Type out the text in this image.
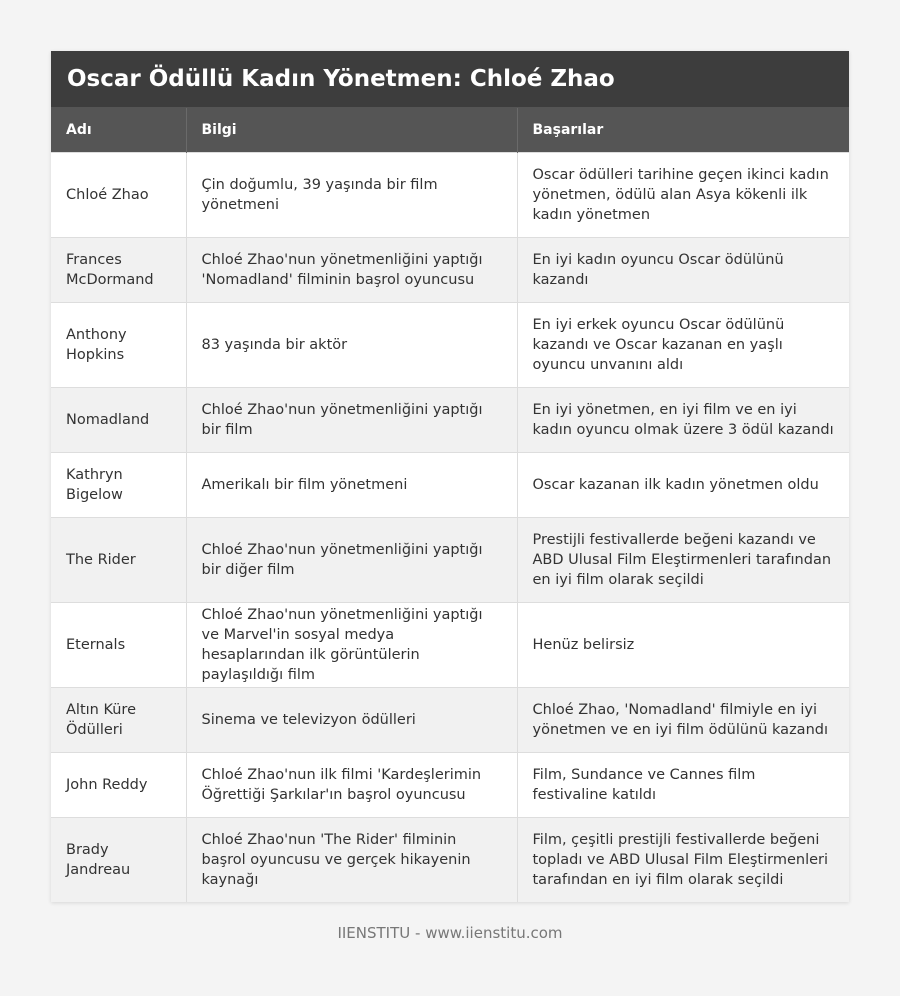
Oscar Ödüllü Kadın Yönetmen: Chloé Zhao
Adı	Bilgi	Başarılar
Chloé Zhao	Çin doğumlu, 39 yaşında bir film yönetmeni	Oscar ödülleri tarihine geçen ikinci kadın yönetmen, ödülü alan Asya kökenli ilk kadın yönetmen
Frances McDormand	Chloé Zhao'nun yönetmenliğini yaptığı 'Nomadland' filminin başrol oyuncusu	En iyi kadın oyuncu Oscar ödülünü kazandı
Anthony Hopkins	83 yaşında bir aktör	En iyi erkek oyuncu Oscar ödülünü kazandı ve Oscar kazanan en yaşlı oyuncu unvanını aldı
Nomadland	Chloé Zhao'nun yönetmenliğini yaptığı bir film	En iyi yönetmen, en iyi film ve en iyi kadın oyuncu olmak üzere 3 ödül kazandı
Kathryn Bigelow	Amerikalı bir film yönetmeni	Oscar kazanan ilk kadın yönetmen oldu
The Rider	Chloé Zhao'nun yönetmenliğini yaptığı bir diğer film	Prestijli festivallerde beğeni kazandı ve ABD Ulusal Film Eleştirmenleri tarafından en iyi film olarak seçildi
Eternals	Chloé Zhao'nun yönetmenliğini yaptığı ve Marvel'in sosyal medya hesaplarından ilk görüntülerin paylaşıldığı film	Henüz belirsiz
Altın Küre Ödülleri	Sinema ve televizyon ödülleri	Chloé Zhao, 'Nomadland' filmiyle en iyi yönetmen ve en iyi film ödülünü kazandı
John Reddy	Chloé Zhao'nun ilk filmi 'Kardeşlerimin Öğrettiği Şarkılar'ın başrol oyuncusu	Film, Sundance ve Cannes film festivaline katıldı
Brady Jandreau	Chloé Zhao'nun 'The Rider' filminin başrol oyuncusu ve gerçek hikayenin kaynağı	Film, çeşitli prestijli festivallerde beğeni topladı ve ABD Ulusal Film Eleştirmenleri tarafından en iyi film olarak seçildi
IIENSTITU - www.iienstitu.com
